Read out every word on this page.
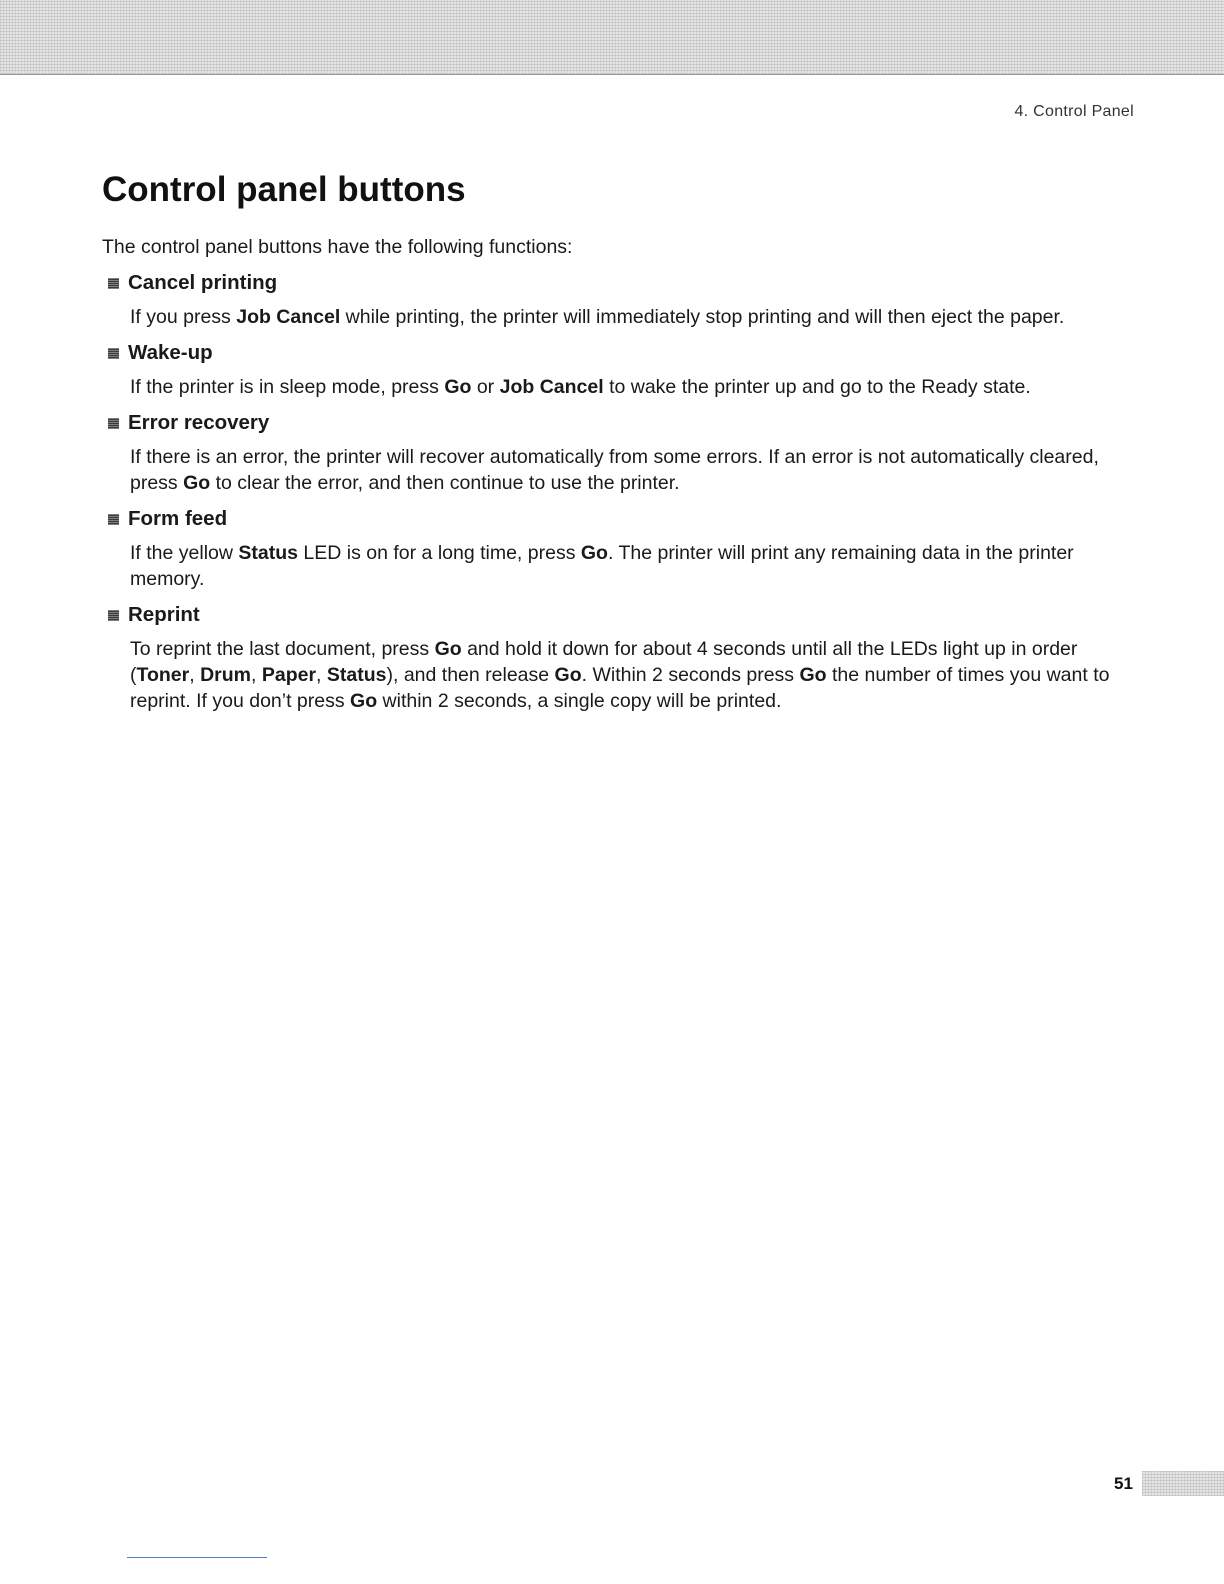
4. Control Panel
Control panel buttons

The control panel buttons have the following functions:

Cancel printing

If you press Job Cancel while printing, the printer will immediately stop printing and will then eject the paper.

Wake-up

If the printer is in sleep mode, press Go or Job Cancel to wake the printer up and go to the Ready state.

Error recovery

If there is an error, the printer will recover automatically from some errors. If an error is not automatically cleared, press Go to clear the error, and then continue to use the printer.

Form feed

If the yellow Status LED is on for a long time, press Go. The printer will print any remaining data in the printer memory.

Reprint

To reprint the last document, press Go and hold it down for about 4 seconds until all the LEDs light up in order (Toner, Drum, Paper, Status), and then release Go. Within 2 seconds press Go the number of times you want to reprint. If you don’t press Go within 2 seconds, a single copy will be printed.

51
